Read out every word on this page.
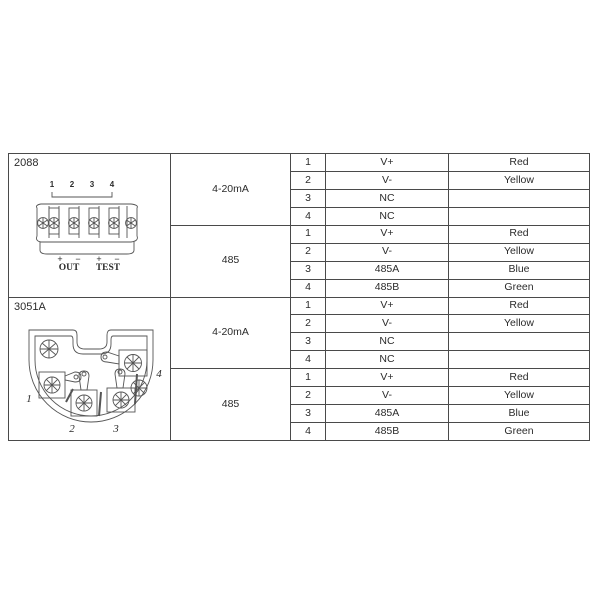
2088
1 2 3 4
+ − + −
OUT TEST
	4-20mA	1	V+	Red
		2	V-	Yellow
		3	NC	
		4	NC	
	485	1	V+	Red
		2	V-	Yellow
		3	485A	Blue
		4	485B	Green

3051A
1
2 3
4	4-20mA	1	V+	Red
		2	V-	Yellow
		3	NC	
		4	NC	
	485	1	V+	Red
		2	V-	Yellow
		3	485A	Blue
		4	485B	Green
